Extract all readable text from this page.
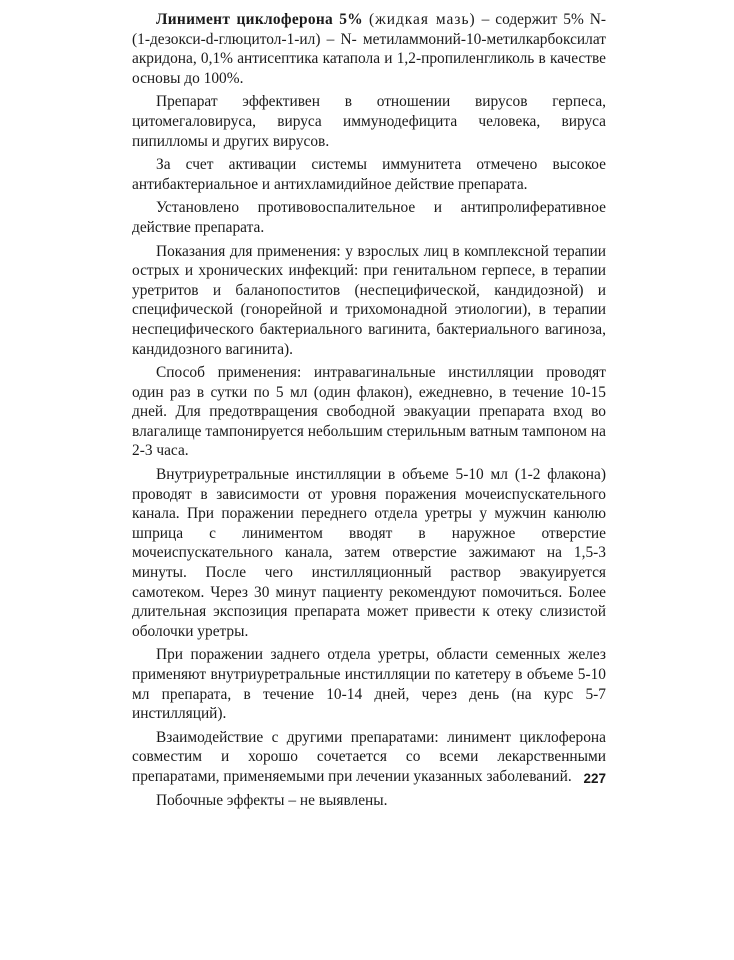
Линимент циклоферона 5% (жидкая мазь) – содержит 5% N- (1-дезокси-d-глюцитол-1-ил) – N- метиламмоний-10-метилкарбоксилат акридона, 0,1% антисептика катапола и 1,2-пропиленгликоль в качестве основы до 100%.

Препарат эффективен в отношении вирусов герпеса, цитомегаловируса, вируса иммунодефицита человека, вируса пипилломы и других вирусов.

За счет активации системы иммунитета отмечено высокое антибактериальное и антихламидийное действие препарата.

Установлено противовоспалительное и антипролиферативное действие препарата.

Показания для применения: у взрослых лиц в комплексной терапии острых и хронических инфекций: при генитальном герпесе, в терапии уретритов и баланопоститов (неспецифической, кандидозной) и специфической (гонорейной и трихомонадной этиологии), в терапии неспецифического бактериального вагинита, бактериального вагиноза, кандидозного вагинита).

Способ применения: интравагинальные инстилляции проводят один раз в сутки по 5 мл (один флакон), ежедневно, в течение 10-15 дней. Для предотвращения свободной эвакуации препарата вход во влагалище тампонируется небольшим стерильным ватным тампоном на 2-3 часа.

Внутриуретральные инстилляции в объеме 5-10 мл (1-2 флакона) проводят в зависимости от уровня поражения мочеиспускательного канала. При поражении переднего отдела уретры у мужчин канюлю шприца с линиментом вводят в наружное отверстие мочеиспускательного канала, затем отверстие зажимают на 1,5-3 минуты. После чего инстилляционный раствор эвакуируется самотеком. Через 30 минут пациенту рекомендуют помочиться. Более длительная экспозиция препарата может привести к отеку слизистой оболочки уретры.

При поражении заднего отдела уретры, области семенных желез применяют внутриуретральные инстилляции по катетеру в объеме 5-10 мл препарата, в течение 10-14 дней, через день (на курс 5-7 инстилляций).

Взаимодействие с другими препаратами: линимент циклоферона совместим и хорошо сочетается со всеми лекарственными препаратами, применяемыми при лечении указанных заболеваний.

Побочные эффекты – не выявлены.

227
